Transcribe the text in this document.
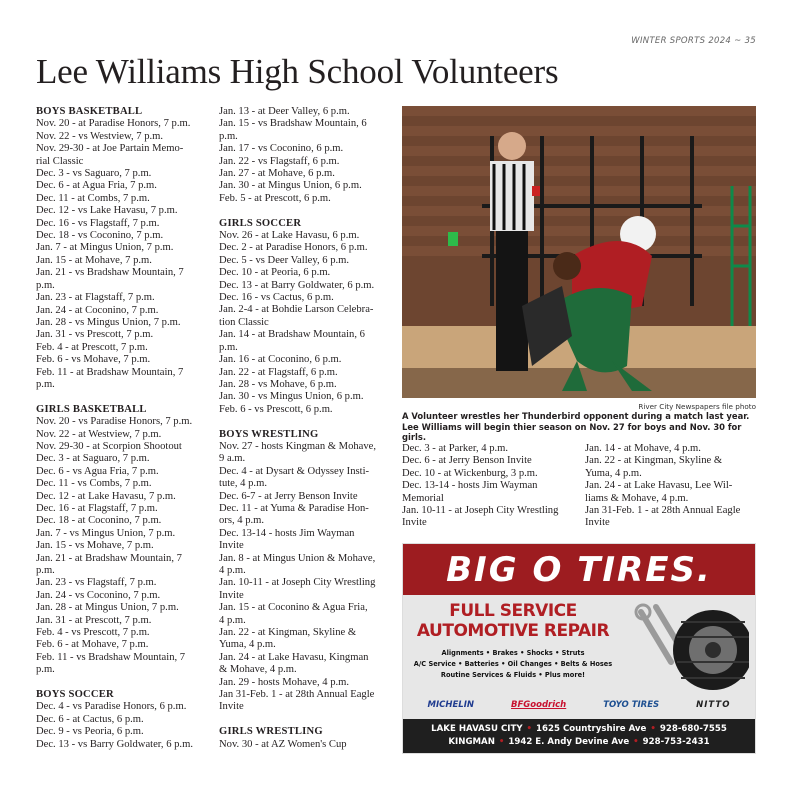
WINTER SPORTS 2024 ~ 35
Lee Williams High School Volunteers
BOYS BASKETBALL
Nov. 20 - at Paradise Honors, 7 p.m.
Nov. 22 - vs Westview, 7 p.m.
Nov. 29-30 - at Joe Partain Memo-
rial Classic
Dec. 3 - vs Saguaro, 7 p.m.
Dec. 6 - at Agua Fria, 7 p.m.
Dec. 11 - at Combs, 7 p.m.
Dec. 12 - vs Lake Havasu, 7 p.m.
Dec. 16 - vs Flagstaff, 7 p.m.
Dec. 18 - vs Coconino, 7 p.m.
Jan. 7 - at Mingus Union, 7 p.m.
Jan. 15 - at Mohave, 7 p.m.
Jan. 21 - vs Bradshaw Mountain, 7
p.m.
Jan. 23 - at Flagstaff, 7 p.m.
Jan. 24 - at Coconino, 7 p.m.
Jan. 28 - vs Mingus Union, 7 p.m.
Jan. 31 - vs Prescott, 7 p.m.
Feb. 4 - at Prescott, 7 p.m.
Feb. 6 - vs Mohave, 7 p.m.
Feb. 11 - at Bradshaw Mountain, 7
p.m.
GIRLS BASKETBALL
Nov. 20 - vs Paradise Honors, 7 p.m.
Nov. 22 - at Westview, 7 p.m.
Nov. 29-30 - at Scorpion Shootout
Dec. 3 - at Saguaro, 7 p.m.
Dec. 6 - vs Agua Fria, 7 p.m.
Dec. 11 - vs Combs, 7 p.m.
Dec. 12 - at Lake Havasu, 7 p.m.
Dec. 16 - at Flagstaff, 7 p.m.
Dec. 18 - at Coconino, 7 p.m.
Jan. 7 - vs Mingus Union, 7 p.m.
Jan. 15 - vs Mohave, 7 p.m.
Jan. 21 - at Bradshaw Mountain, 7
p.m.
Jan. 23 - vs Flagstaff, 7 p.m.
Jan. 24 - vs Coconino, 7 p.m.
Jan. 28 - at Mingus Union, 7 p.m.
Jan. 31 - at Prescott, 7 p.m.
Feb. 4 - vs Prescott, 7 p.m.
Feb. 6 - at Mohave, 7 p.m.
Feb. 11 - vs Bradshaw Mountain, 7
p.m.
BOYS SOCCER
Dec. 4 - vs Paradise Honors, 6 p.m.
Dec. 6 - at Cactus, 6 p.m.
Dec. 9 - vs Peoria, 6 p.m.
Dec. 13 - vs Barry Goldwater, 6 p.m.
Jan. 13 - at Deer Valley, 6 p.m.
Jan. 15 - vs Bradshaw Mountain, 6
p.m.
Jan. 17 - vs Coconino, 6 p.m.
Jan. 22 - vs Flagstaff, 6 p.m.
Jan. 27 - at Mohave, 6 p.m.
Jan. 30 - at Mingus Union, 6 p.m.
Feb. 5 - at Prescott, 6 p.m.
GIRLS SOCCER
Nov. 26 - at Lake Havasu, 6 p.m.
Dec. 2 - at Paradise Honors, 6 p.m.
Dec. 5 - vs Deer Valley, 6 p.m.
Dec. 10 - at Peoria, 6 p.m.
Dec. 13 - at Barry Goldwater, 6 p.m.
Dec. 16 - vs Cactus, 6 p.m.
Jan. 2-4 - at Bohdie Larson Celebra-
tion Classic
Jan. 14 - at Bradshaw Mountain, 6
p.m.
Jan. 16 - at Coconino, 6 p.m.
Jan. 22 - at Flagstaff, 6 p.m.
Jan. 28 - vs Mohave, 6 p.m.
Jan. 30 - vs Mingus Union, 6 p.m.
Feb. 6 - vs Prescott, 6 p.m.
BOYS WRESTLING
Nov. 27 - hosts Kingman & Mohave,
9 a.m.
Dec. 4 - at Dysart & Odyssey Insti-
tute, 4 p.m.
Dec. 6-7 - at Jerry Benson Invite
Dec. 11 - at Yuma & Paradise Hon-
ors, 4 p.m.
Dec. 13-14 - hosts Jim Wayman
Invite
Jan. 8 - at Mingus Union & Mohave,
4 p.m.
Jan. 10-11 - at Joseph City Wrestling
Invite
Jan. 15 - at Coconino & Agua Fria,
4 p.m.
Jan. 22 - at Kingman, Skyline &
Yuma, 4 p.m.
Jan. 24 - at Lake Havasu, Kingman
& Mohave, 4 p.m.
Jan. 29 - hosts Mohave, 4 p.m.
Jan 31-Feb. 1 - at 28th Annual Eagle
Invite
GIRLS WRESTLING
Nov. 30 - at AZ Women's Cup
River City Newspapers file photo
A Volunteer wrestles her Thunderbird opponent during a match last year. Lee Williams will begin thier season on Nov. 27 for boys and Nov. 30 for girls.
Dec. 3 - at Parker, 4 p.m.
Dec. 6 - at Jerry Benson Invite
Dec. 10 - at Wickenburg, 3 p.m.
Dec. 13-14 - hosts Jim Wayman
Memorial
Jan. 10-11 - at Joseph City Wrestling
Invite
Jan. 14 - at Mohave, 4 p.m.
Jan. 22 - at Kingman, Skyline &
Yuma, 4 p.m.
Jan. 24 - at Lake Havasu, Lee Wil-
liams & Mohave, 4 p.m.
Jan 31-Feb. 1 - at 28th Annual Eagle
Invite
BIG O TIRES.
FULL SERVICE
AUTOMOTIVE REPAIR
Alignments • Brakes • Shocks • Struts
A/C Service • Batteries • Oil Changes • Belts & Hoses
Routine Services & Fluids • Plus more!
MICHELIN	BFGoodrich	TOYO TIRES	NITTO
LAKE HAVASU CITY • 1625 Countryshire Ave • 928-680-7555
KINGMAN • 1942 E. Andy Devine Ave • 928-753-2431
